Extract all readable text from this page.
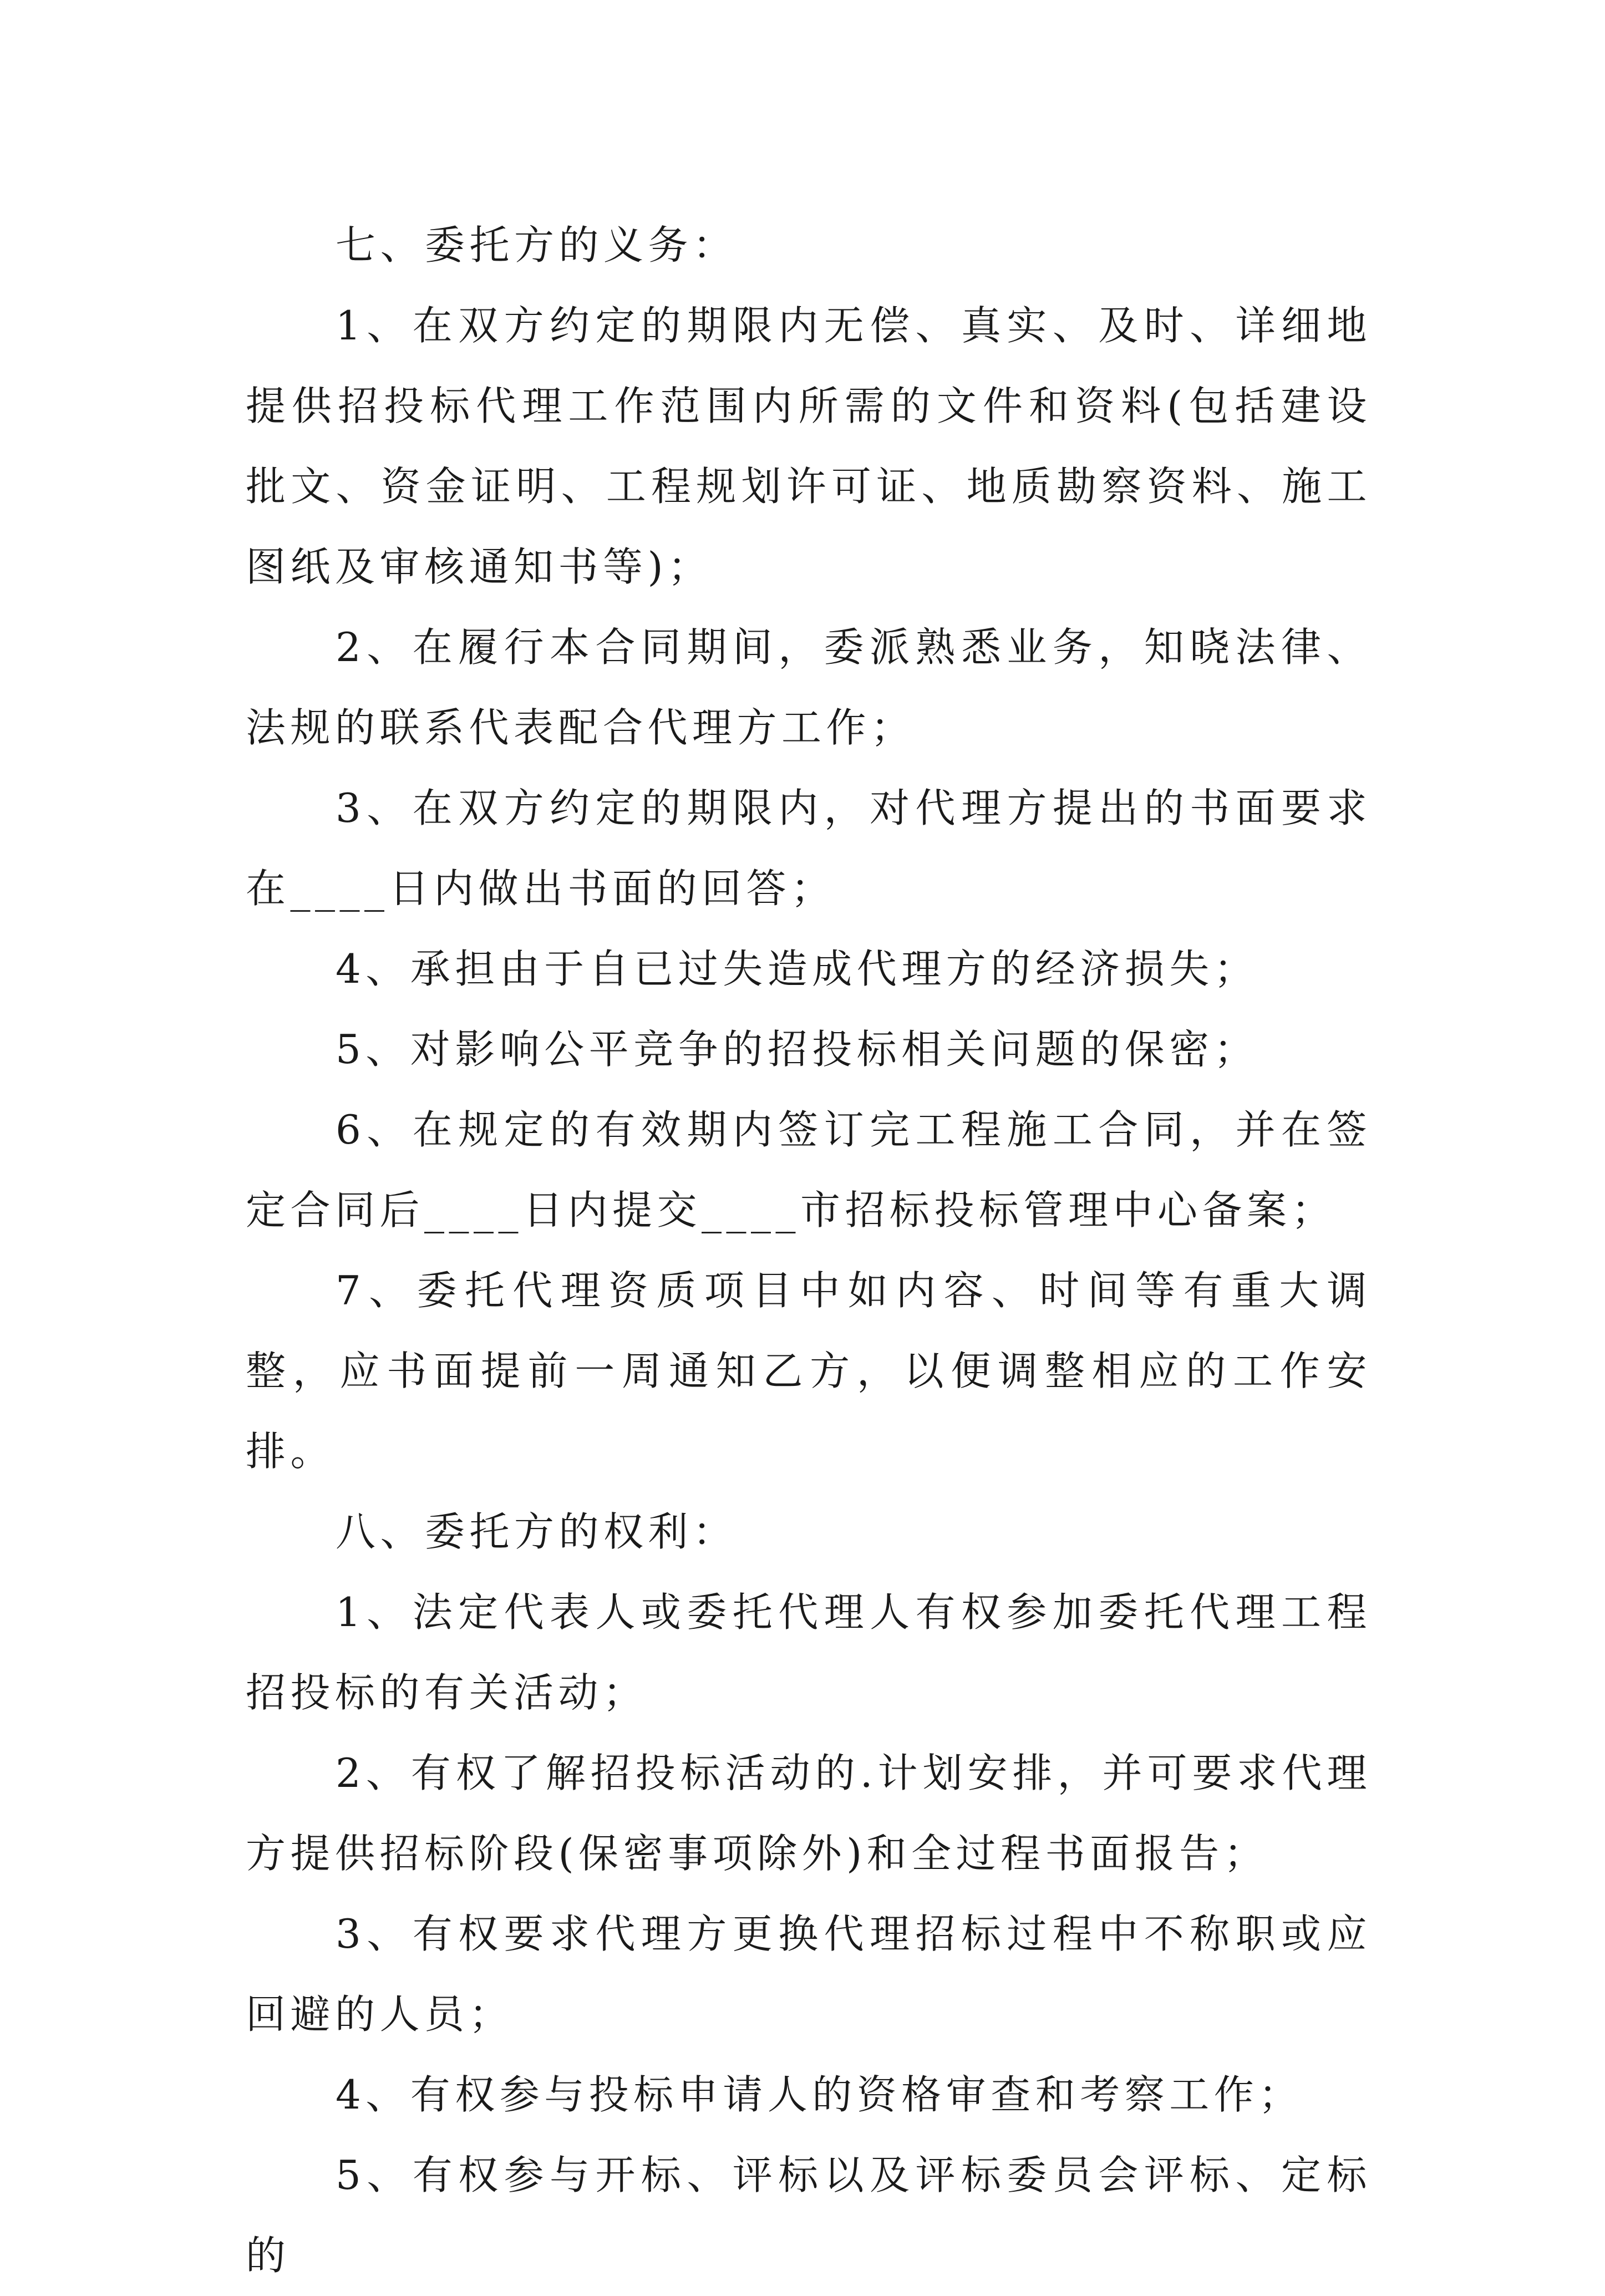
七、委托方的义务：

1、在双方约定的期限内无偿、真实、及时、详细地提供招投标代理工作范围内所需的文件和资料(包括建设批文、资金证明、工程规划许可证、地质勘察资料、施工图纸及审核通知书等)；

2、在履行本合同期间，委派熟悉业务，知晓法律、法规的联系代表配合代理方工作；

3、在双方约定的期限内，对代理方提出的书面要求在____日内做出书面的回答；

4、承担由于自已过失造成代理方的经济损失；

5、对影响公平竞争的招投标相关问题的保密；

6、在规定的有效期内签订完工程施工合同，并在签定合同后____日内提交____市招标投标管理中心备案；

7、委托代理资质项目中如内容、时间等有重大调整，应书面提前一周通知乙方，以便调整相应的工作安排。

八、委托方的权利：

1、法定代表人或委托代理人有权参加委托代理工程招投标的有关活动；

2、有权了解招投标活动的.计划安排，并可要求代理方提供招标阶段(保密事项除外)和全过程书面报告；

3、有权要求代理方更换代理招标过程中不称职或应回避的人员；

4、有权参与投标申请人的资格审查和考察工作；

5、有权参与开标、评标以及评标委员会评标、定标的
